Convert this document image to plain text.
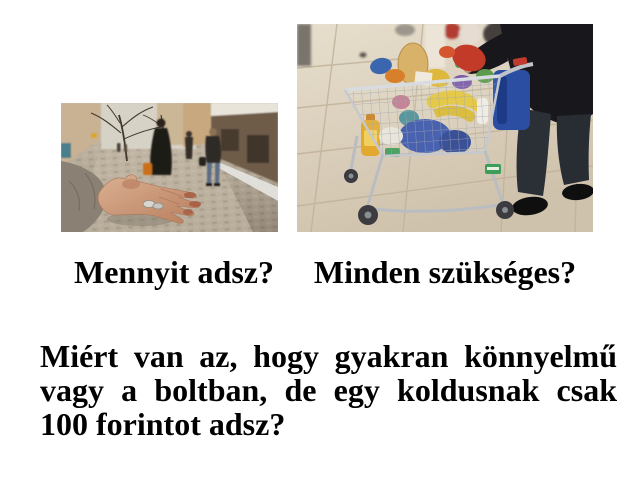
Mennyit adsz?	Minden szükséges?
Miért van az, hogy gyakran könnyelmű
vagy a boltban, de egy koldusnak csak
100 forintot adsz?
